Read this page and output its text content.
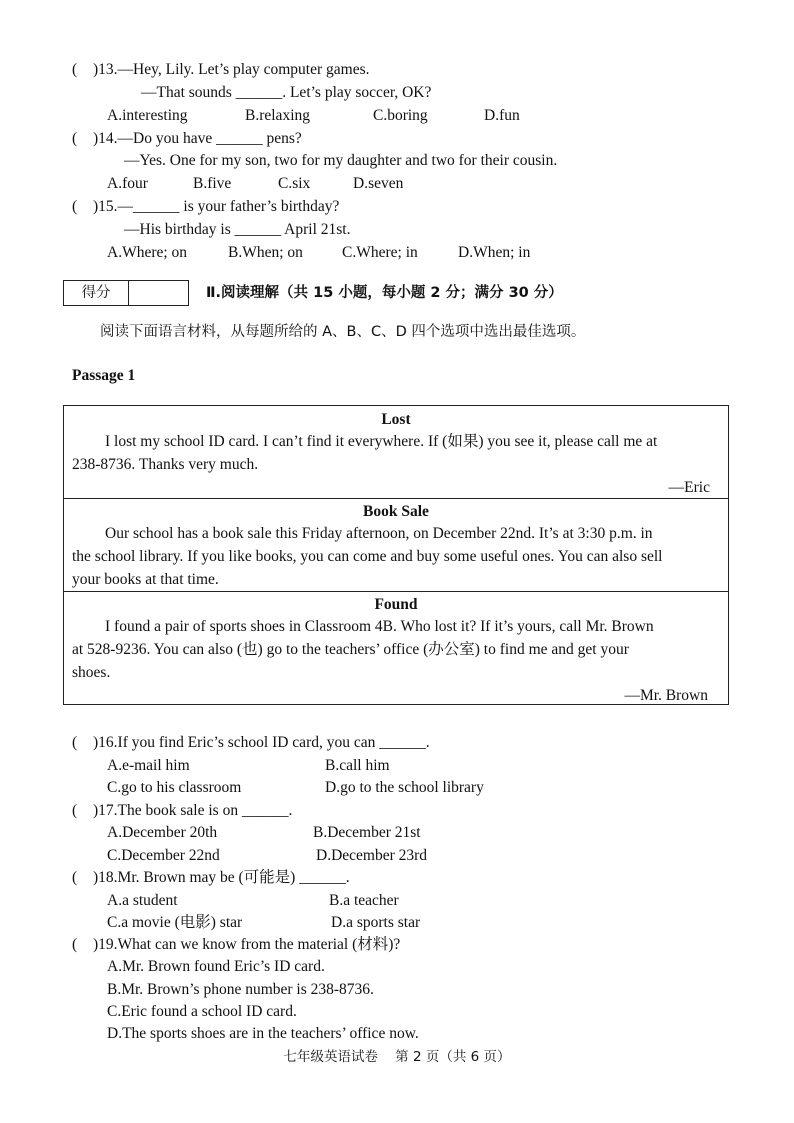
( )13.—Hey, Lily. Let’s play computer games.
—That sounds ______. Let’s play soccer, OK?
A.interesting	B.relaxing	C.boring	D.fun
( )14.—Do you have ______ pens?
—Yes. One for my son, two for my daughter and two for their cousin.
A.four	B.five	C.six	D.seven
( )15.—______ is your father’s birthday?
—His birthday is ______ April 21st.
A.Where; on	B.When; on	C.Where; in	D.When; in
得分	Ⅱ.阅读理解（共 15 小题，每小题 2 分；满分 30 分）
阅读下面语言材料，从每题所给的 A、B、C、D 四个选项中选出最佳选项。
Passage 1
Lost
I lost my school ID card. I can’t find it everywhere. If (如果) you see it, please call me at
238-8736. Thanks very much.
—Eric
Book Sale
Our school has a book sale this Friday afternoon, on December 22nd. It’s at 3:30 p.m. in
the school library. If you like books, you can come and buy some useful ones. You can also sell
your books at that time.
Found
I found a pair of sports shoes in Classroom 4B. Who lost it? If it’s yours, call Mr. Brown
at 528-9236. You can also (也) go to the teachers’ office (办公室) to find me and get your
shoes.
—Mr. Brown
( )16.If you find Eric’s school ID card, you can ______.
A.e-mail him	B.call him
C.go to his classroom	D.go to the school library
( )17.The book sale is on ______.
A.December 20th	B.December 21st
C.December 22nd	D.December 23rd
( )18.Mr. Brown may be (可能是) ______.
A.a student	B.a teacher
C.a movie (电影) star	D.a sports star
( )19.What can we know from the material (材料)?
A.Mr. Brown found Eric’s ID card.
B.Mr. Brown’s phone number is 238-8736.
C.Eric found a school ID card.
D.The sports shoes are in the teachers’ office now.
七年级英语试卷    第 2 页（共 6 页）
